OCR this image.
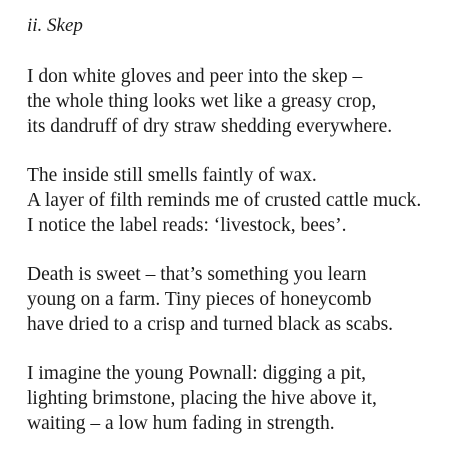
ii. Skep
I don white gloves and peer into the skep –
the whole thing looks wet like a greasy crop,
its dandruff of dry straw shedding everywhere.
The inside still smells faintly of wax.
A layer of filth reminds me of crusted cattle muck.
I notice the label reads: ‘livestock, bees’.
Death is sweet – that’s something you learn
young on a farm. Tiny pieces of honeycomb
have dried to a crisp and turned black as scabs.
I imagine the young Pownall: digging a pit,
lighting brimstone, placing the hive above it,
waiting – a low hum fading in strength.
